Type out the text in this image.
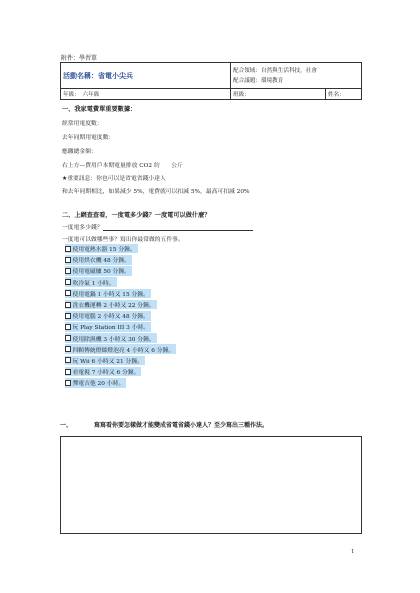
附件：學習單
活動名稱：省電小尖兵	配合領域：自然與生活科技，社會
配合議題：環境教育	

年級：　六年級	班級：	姓名：
一、我家電費單重要數據：
經常用電度數：
去年同期用電度數：
應繳總金額：
右上方—費用戶本期電量排放 CO2 約　　公斤
★重要訊息：你也可以是省電省錢小達人
和去年同期相比，如果減少 5%，電費就可以扣減 5%，最高可扣減 20%
二、上網查查看，一度電多少錢？一度電可以做什麼？
一度電多少錢？
一度電可以做哪些事？寫出你最常做的五件事。
使用電熱水器 15 分鐘。
使用烘衣機 48 分鐘。
使用電磁爐 50 分鐘。
吹冷氣 1 小時。
使用電鍋 1 小時又 15 分鐘。
洗衣機運轉 2 小時又 22 分鐘。
使用電腦 2 小時又 48 分鐘。
玩 Play Station III 3 小時。
使用除濕機 3 小時又 30 分鐘。
四顆傳統燈絲燈泡亮 4 小時又 6 分鐘。
玩 Wii 6 小時又 21 分鐘。
看電視 7 小時又 6 分鐘。
彈電吉他 20 小時。
一、	寫寫看你要怎樣做才能變成省電省錢小達人？至少寫出三種作法。
1
